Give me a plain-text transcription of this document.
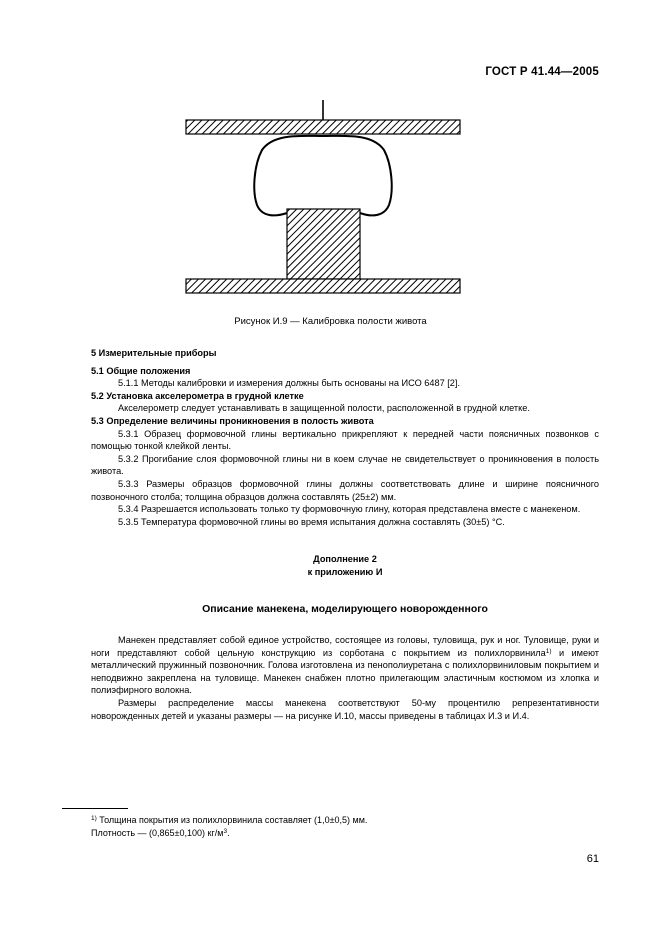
ГОСТ Р 41.44—2005
Рисунок И.9 — Калибровка полости живота

5 Измерительные приборы

5.1 Общие положения

5.1.1 Методы калибровки и измерения должны быть основаны на ИСО 6487 [2].

5.2 Установка акселерометра в грудной клетке

Акселерометр следует устанавливать в защищенной полости, расположенной в грудной клетке.

5.3 Определение величины проникновения в полость живота

5.3.1 Образец формовочной глины вертикально прикрепляют к передней части поясничных позвонков с помощью тонкой клейкой ленты.

5.3.2 Прогибание слоя формовочной глины ни в коем случае не свидетельствует о проникновения в полость живота.

5.3.3 Размеры образцов формовочной глины должны соответствовать длине и ширине поясничного позвоночного столба; толщина образцов должна составлять (25±2) мм.

5.3.4 Разрешается использовать только ту формовочную глину, которая представлена вместе с манекеном.

5.3.5 Температура формовочной глины во время испытания должна составлять (30±5) °С.

Дополнение 2

к приложению И

Описание манекена, моделирующего новорожденного

Манекен представляет собой единое устройство, состоящее из головы, туловища, рук и ног. Туловище, руки и ноги представляют собой цельную конструкцию из сорботана с покрытием из полихлорвинила$^{1)}$ и имеют металлический пружинный позвоночник. Голова изготовлена из пенополиуретана с полихлорвиниловым покрытием и неподвижно закреплена на туловище. Манекен снабжен плотно прилегающим эластичным костюмом из хлопка и полиэфирного волокна.

Размеры распределение массы манекена соответствуют 50-му процентилю репрезентативности новорожденных детей и указаны размеры — на рисунке И.10, массы приведены в таблицах И.3 и И.4.

$^{1)}$ Толщина покрытия из полихлорвинила составляет (1,0±0,5) мм.
Плотность — (0,865±0,100) $кг/м^3$.
61
